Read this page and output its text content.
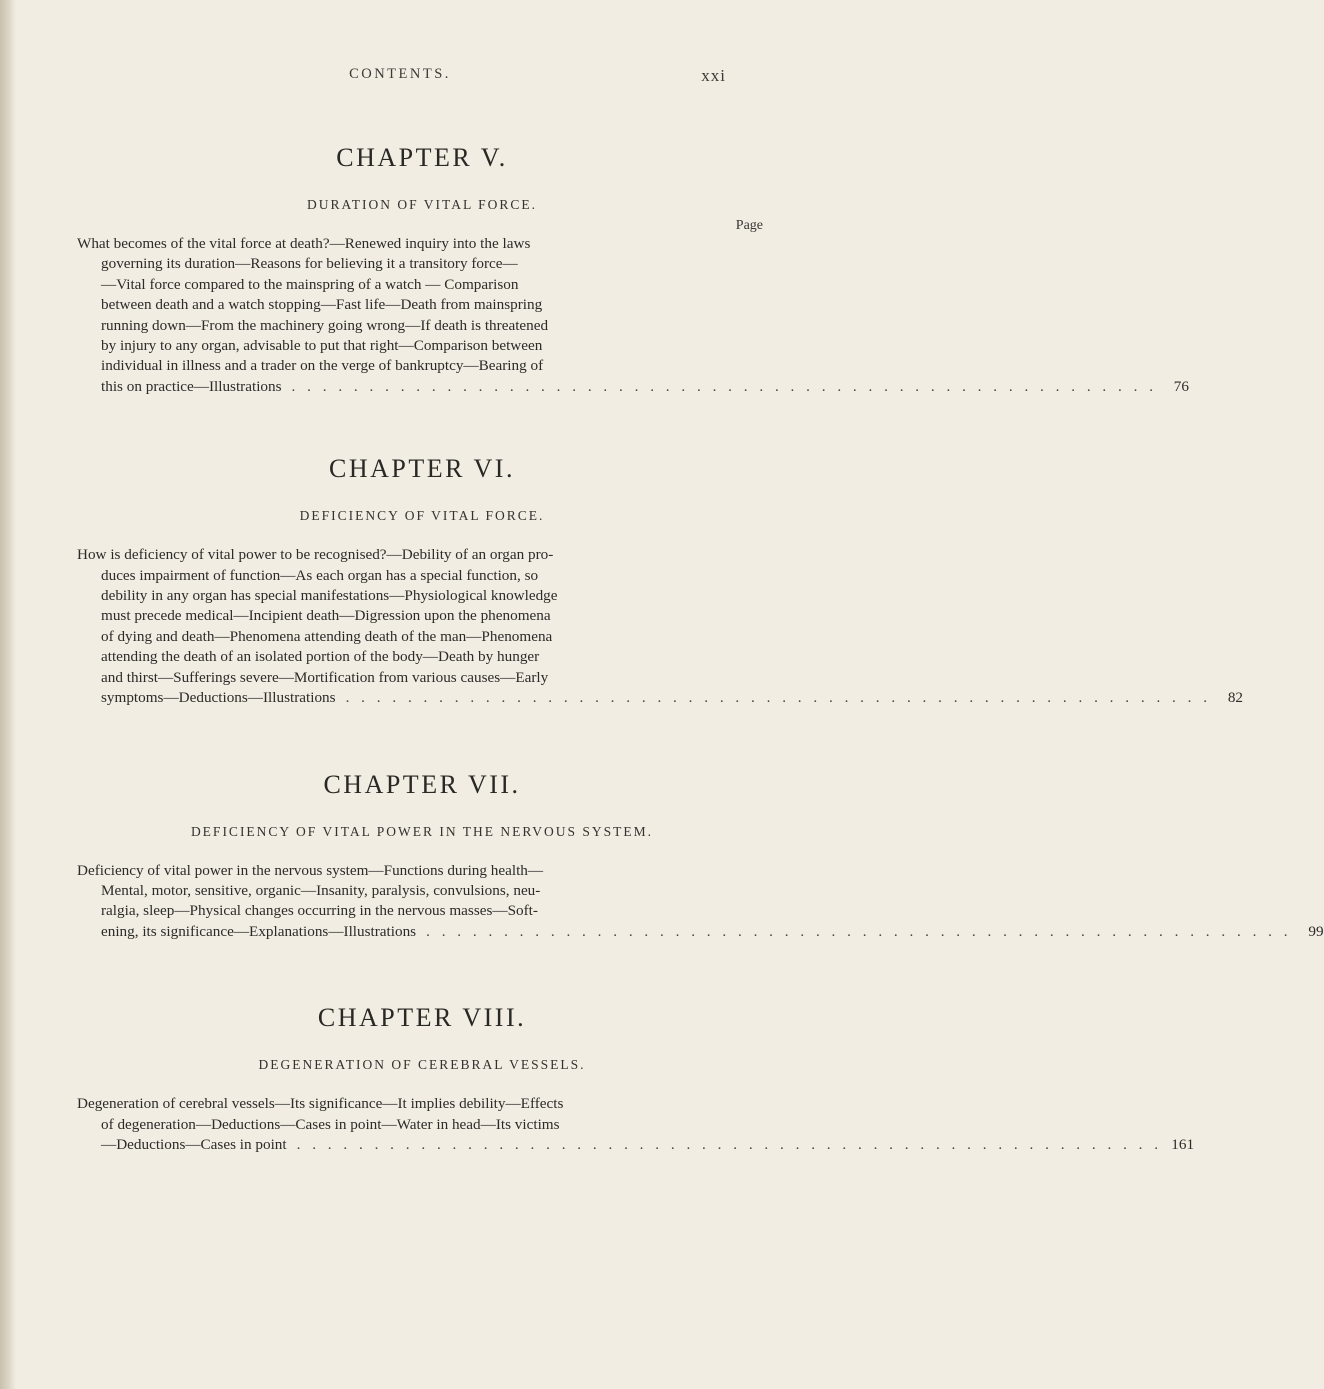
CONTENTS.	xxi
CHAPTER V.
DURATION OF VITAL FORCE.
Page
What becomes of the vital force at death?—Renewed inquiry into the laws
governing its duration—Reasons for believing it a transitory force—
—Vital force compared to the mainspring of a watch — Comparison
between death and a watch stopping—Fast life—Death from mainspring
running down—From the machinery going wrong—If death is threatened
by injury to any organ, advisable to put that right—Comparison between
individual in illness and a trader on the verge of bankruptcy—Bearing of
this on practice—Illustrations . . . . . . . . . . . . . . . . . . . . . . . . . . . . . . . . . . . . . . . . . . . . . . . . . . . . . . . .	76
CHAPTER VI.
DEFICIENCY OF VITAL FORCE.
How is deficiency of vital power to be recognised?—Debility of an organ pro-
duces impairment of function—As each organ has a special function, so
debility in any organ has special manifestations—Physiological knowledge
must precede medical—Incipient death—Digression upon the phenomena
of dying and death—Phenomena attending death of the man—Phenomena
attending the death of an isolated portion of the body—Death by hunger
and thirst—Sufferings severe—Mortification from various causes—Early
symptoms—Deductions—Illustrations . . . . . . . . . . . . . . . . . . . . . . . . . . . . . . . . . . . . . . . . . . . . . . . . . . . . . . . .	82
CHAPTER VII.
DEFICIENCY OF VITAL POWER IN THE NERVOUS SYSTEM.
Deficiency of vital power in the nervous system—Functions during health—
Mental, motor, sensitive, organic—Insanity, paralysis, convulsions, neu-
ralgia, sleep—Physical changes occurring in the nervous masses—Soft-
ening, its significance—Explanations—Illustrations . . . . . . . . . . . . . . . . . . . . . . . . . . . . . . . . . . . . . . . . . . . . . . . . . . . . . . . .	99
CHAPTER VIII.
DEGENERATION OF CEREBRAL VESSELS.
Degeneration of cerebral vessels—Its significance—It implies debility—Effects
of degeneration—Deductions—Cases in point—Water in head—Its victims
—Deductions—Cases in point . . . . . . . . . . . . . . . . . . . . . . . . . . . . . . . . . . . . . . . . . . . . . . . . . . . . . . . . 161
